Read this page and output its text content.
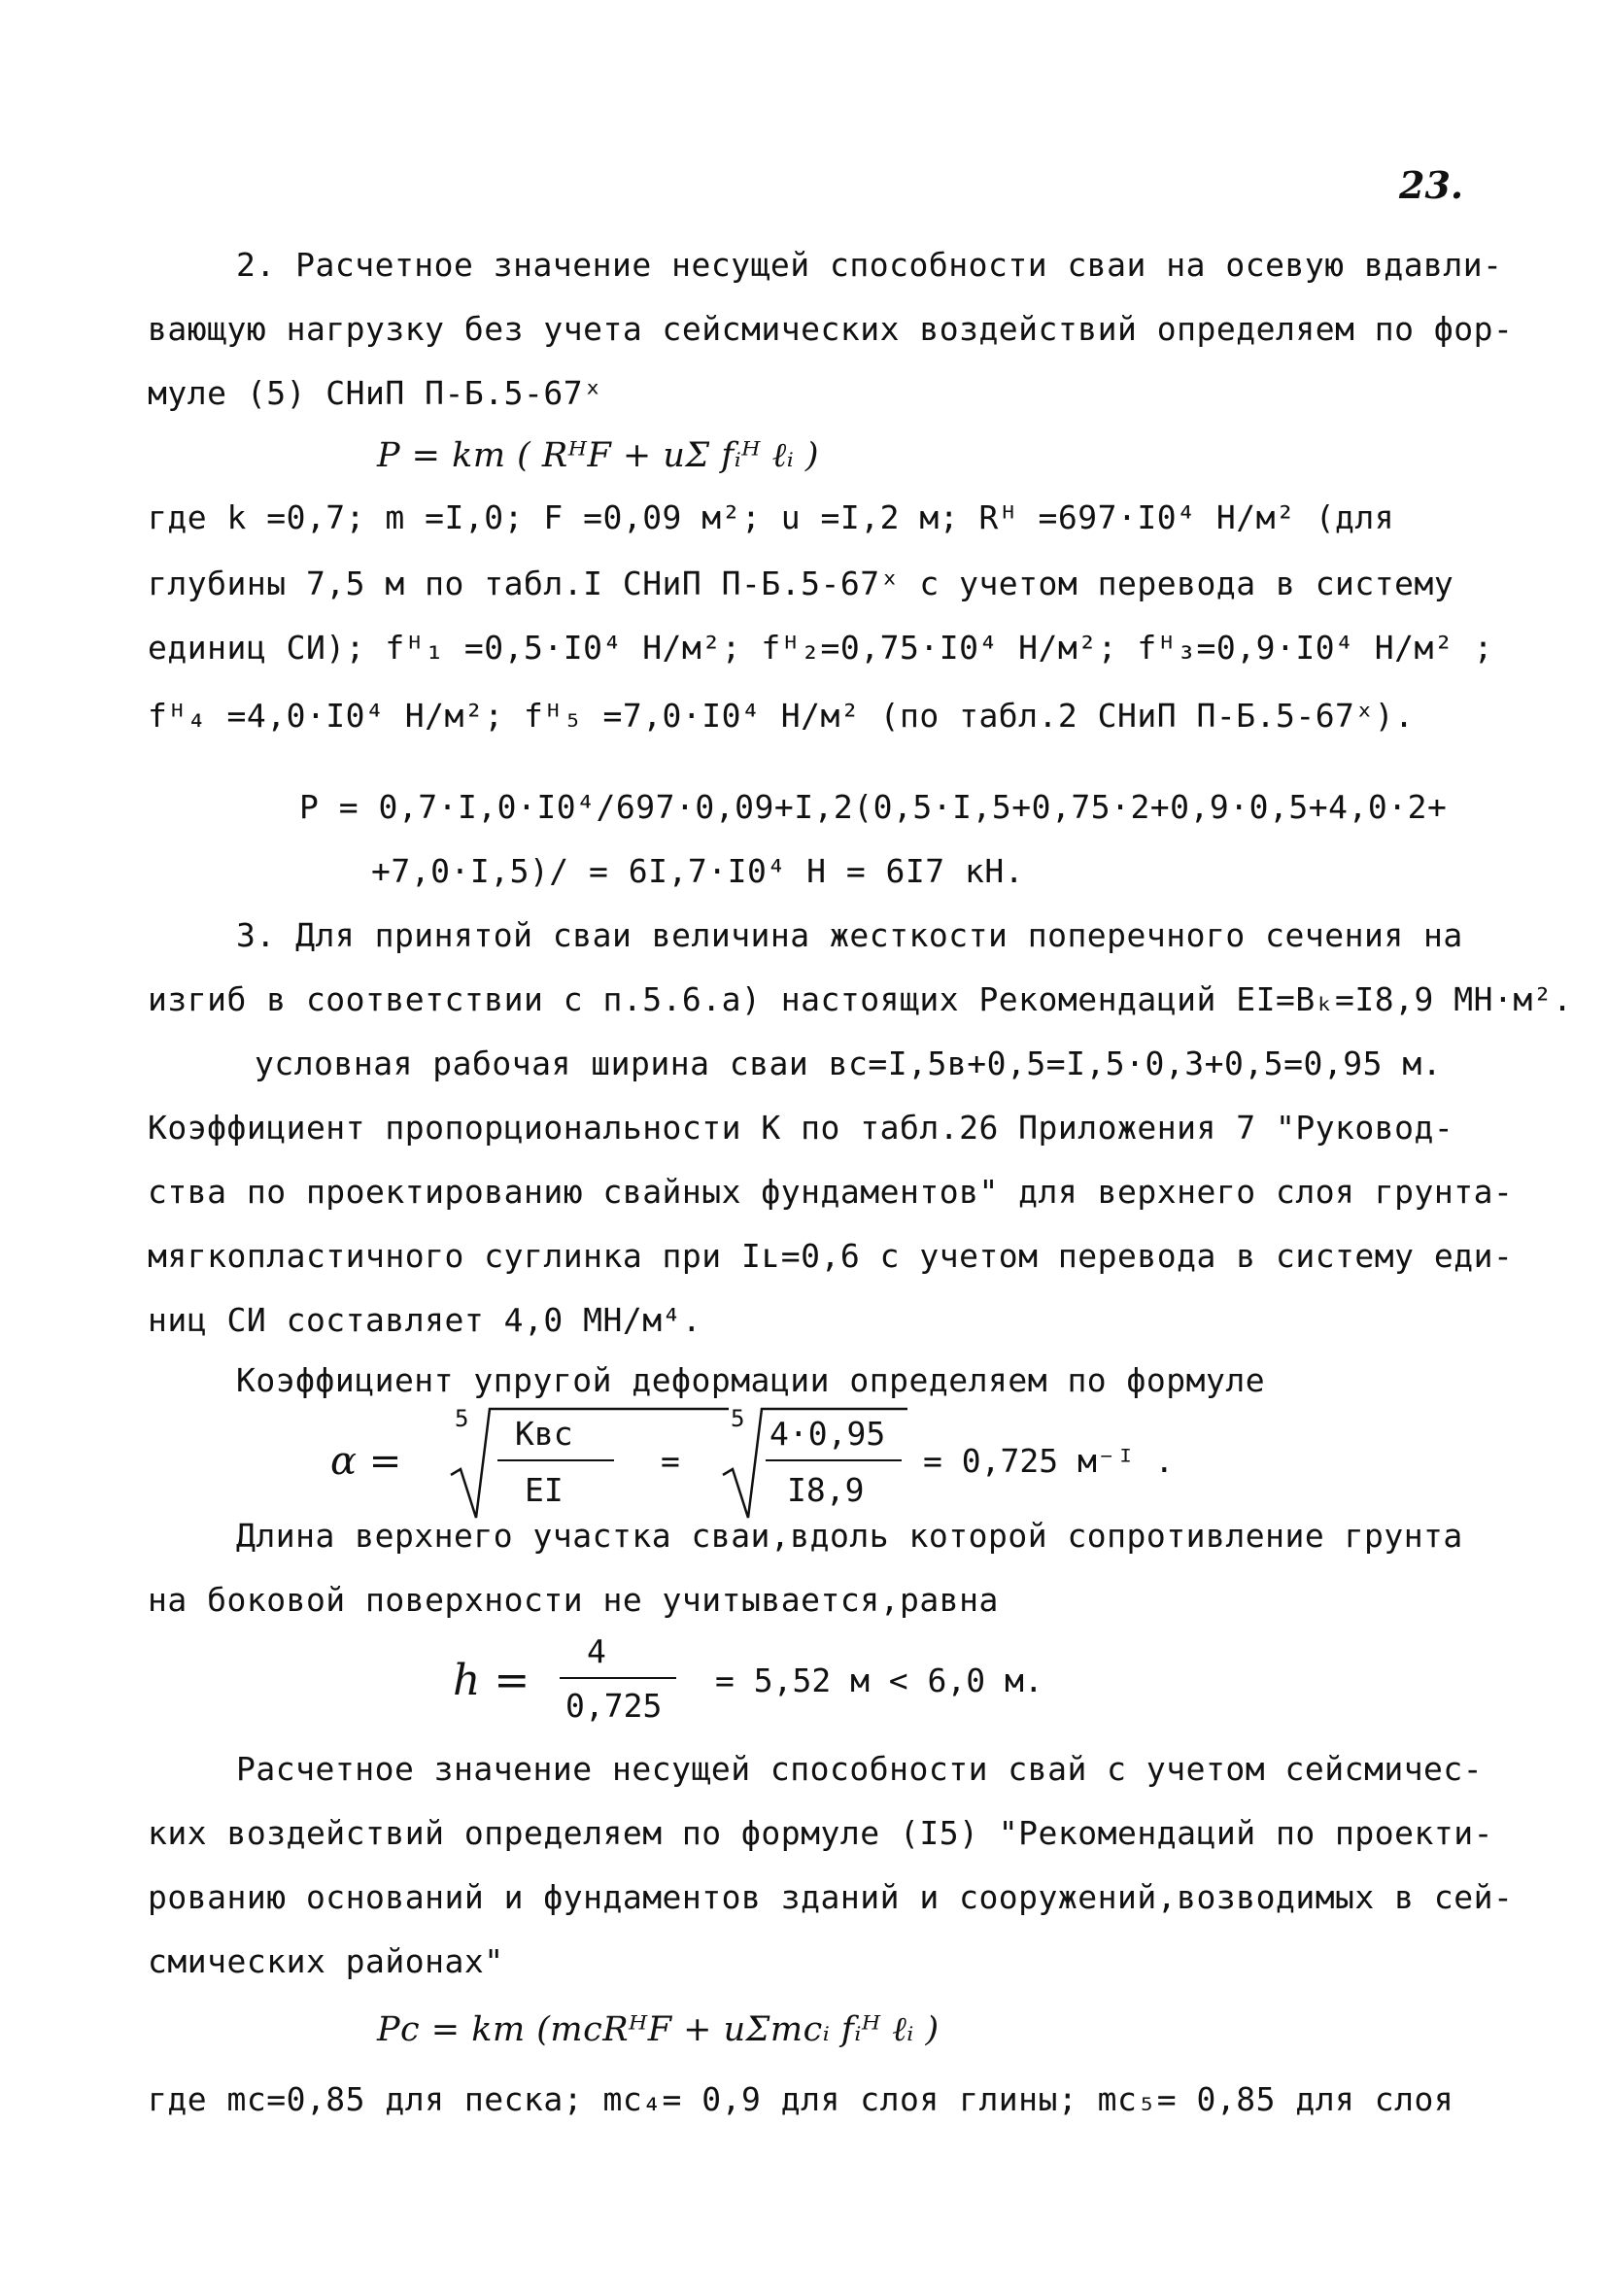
23.
2. Расчетное значение несущей способности сваи на осевую вдавли-
вающую нагрузку без учета сейсмических воздействий определяем по фор-
муле (5) СНиП П-Б.5-67ˣ
P = km ( RᴴF + uΣ fᵢᴴ ℓᵢ )
где k =0,7; m =I,0; F =0,09 м²; u =I,2 м; Rᴴ =697·I0⁴ Н/м² (для
глубины 7,5 м по табл.I СНиП П-Б.5-67ˣ с учетом перевода в систему
единиц СИ); fᴴ₁ =0,5·I0⁴ Н/м²; fᴴ₂=0,75·I0⁴ Н/м²; fᴴ₃=0,9·I0⁴ Н/м² ;
fᴴ₄ =4,0·I0⁴ Н/м²; fᴴ₅ =7,0·I0⁴ Н/м² (по табл.2 СНиП П-Б.5-67ˣ).
P = 0,7·I,0·I0⁴/697·0,09+I,2(0,5·I,5+0,75·2+0,9·0,5+4,0·2+
+7,0·I,5)/ = 6I,7·I0⁴ Н = 6I7 кН.
3. Для принятой сваи величина жесткости поперечного сечения на
изгиб в соответствии с п.5.6.а) настоящих Рекомендаций EI=Bₖ=I8,9 МН·м².
условная рабочая ширина сваи вс=I,5в+0,5=I,5·0,3+0,5=0,95 м.
Коэффициент пропорциональности К по табл.26 Приложения 7 "Руковод-
ства по проектированию свайных фундаментов" для верхнего слоя грунта-
мягкопластичного суглинка при Iʟ=0,6 с учетом перевода в систему еди-
ниц СИ составляет 4,0 МН/м⁴.
Коэффициент упругой деформации определяем по формуле
α =
5 Kвс
EI
=
5 4·0,95
I8,9
= 0,725 м⁻ᴵ .
Длина верхнего участка сваи,вдоль которой сопротивление грунта
на боковой поверхности не учитывается,равна
h =
4
0,725
= 5,52 м < 6,0 м.
Расчетное значение несущей способности свай с учетом сейсмичес-
ких воздействий определяем по формуле (I5) "Рекомендаций по проекти-
рованию оснований и фундаментов зданий и сооружений,возводимых в сей-
смических районах"
Pс = km (mсRᴴF + uΣmсᵢ fᵢᴴ ℓᵢ )
где mс=0,85 для песка; mс₄= 0,9 для слоя глины; mс₅= 0,85 для слоя
